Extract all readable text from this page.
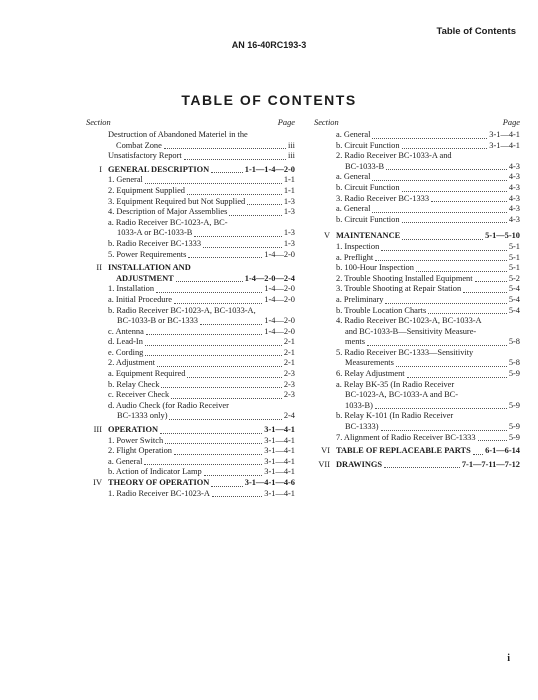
Table of Contents
AN 16-40RC193-3
TABLE OF CONTENTS
Section	Page
Destruction of Abandoned Materiel in the
Combat Zone	iii
Unsatisfactory Report	iii
I GENERAL DESCRIPTION	1-1—1-4—2-0
1. General	1-1
2. Equipment Supplied	1-1
3. Equipment Required but Not Supplied	1-3
4. Description of Major Assemblies	1-3
a. Radio Receiver BC-1023-A, BC-
1033-A or BC-1033-B	1-3
b. Radio Receiver BC-1333	1-3
5. Power Requirements	1-4—2-0
II INSTALLATION AND
ADJUSTMENT	1-4—2-0—2-4
1. Installation	1-4—2-0
a. Initial Procedure	1-4—2-0
b. Radio Receiver BC-1023-A, BC-1033-A,
BC-1033-B or BC-1333	1-4—2-0
c. Antenna	1-4—2-0
d. Lead-In	2-1
e. Cording	2-1
2. Adjustment	2-1
a. Equipment Required	2-3
b. Relay Check	2-3
c. Receiver Check	2-3
d. Audio Check (for Radio Receiver
BC-1333 only)	2-4
III OPERATION	3-1—4-1
1. Power Switch	3-1—4-1
2. Flight Operation	3-1—4-1
a. General	3-1—4-1
b. Action of Indicator Lamp	3-1—4-1
IV THEORY OF OPERATION	3-1—4-1—4-6
1. Radio Receiver BC-1023-A	3-1—4-1
Section	Page
a. General	3-1—4-1
b. Circuit Function	3-1—4-1
2. Radio Receiver BC-1033-A and
BC-1033-B	4-3
a. General	4-3
b. Circuit Function	4-3
3. Radio Receiver BC-1333	4-3
a. General	4-3
b. Circuit Function	4-3
V MAINTENANCE	5-1—5-10
1. Inspection	5-1
a. Preflight	5-1
b. 100-Hour Inspection	5-1
2. Trouble Shooting Installed Equipment	5-2
3. Trouble Shooting at Repair Station	5-4
a. Preliminary	5-4
b. Trouble Location Charts	5-4
4. Radio Receiver BC-1023-A, BC-1033-A
and BC-1033-B—Sensitivity Measure-
ments	5-8
5. Radio Receiver BC-1333—Sensitivity
Measurements	5-8
6. Relay Adjustment	5-9
a. Relay BK-35 (In Radio Receiver
BC-1023-A, BC-1033-A and BC-
1033-B)	5-9
b. Relay K-101 (In Radio Receiver
BC-1333)	5-9
7. Alignment of Radio Receiver BC-1333	5-9
VI TABLE OF REPLACEABLE PARTS 6-1—6-14
VII DRAWINGS	7-1—7-11—7-12
i
